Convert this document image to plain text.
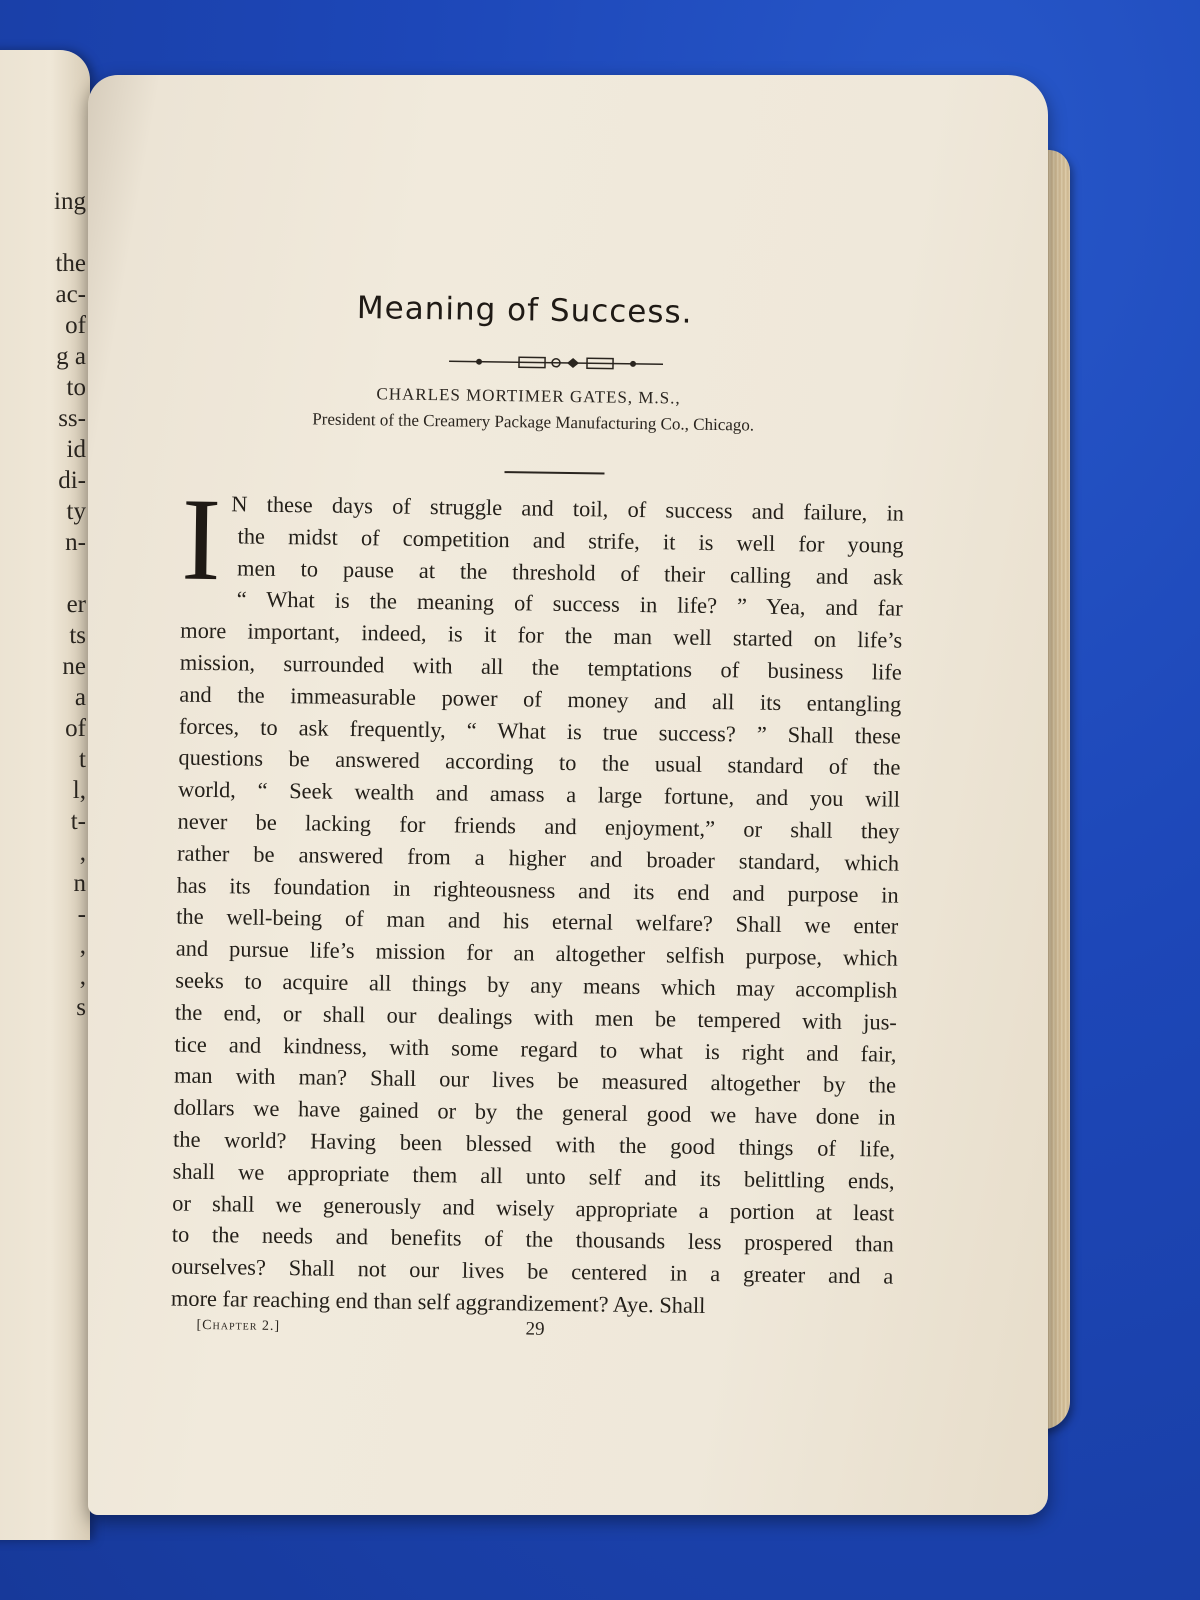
ing
the
ac-
of
g a
to
ss-
id
di-
ty
n-
er
ts
ne
a
of
t
l,
t-
,
n
-
,
,
s
Meaning of Success.
CHARLES MORTIMER GATES, M.S.,
President of the Creamery Package Manufacturing Co., Chicago.
I N these days of struggle and toil, of success and failure, in
the midst of competition and strife, it is well for young
men to pause at the threshold of their calling and ask
“ What is the meaning of success in life? ” Yea, and far
more important, indeed, is it for the man well started on life’s
mission, surrounded with all the temptations of business life
and the immeasurable power of money and all its entangling
forces, to ask frequently, “ What is true success? ” Shall these
questions be answered according to the usual standard of the
world, “ Seek wealth and amass a large fortune, and you will
never be lacking for friends and enjoyment,” or shall they
rather be answered from a higher and broader standard, which
has its foundation in righteousness and its end and purpose in
the well-being of man and his eternal welfare? Shall we enter
and pursue life’s mission for an altogether selfish purpose, which
seeks to acquire all things by any means which may accomplish
the end, or shall our dealings with men be tempered with jus-
tice and kindness, with some regard to what is right and fair,
man with man? Shall our lives be measured altogether by the
dollars we have gained or by the general good we have done in
the world? Having been blessed with the good things of life,
shall we appropriate them all unto self and its belittling ends,
or shall we generously and wisely appropriate a portion at least
to the needs and benefits of the thousands less prospered than
ourselves? Shall not our lives be centered in a greater and a
more far reaching end than self aggrandizement? Aye. Shall
[Chapter 2.]	29
